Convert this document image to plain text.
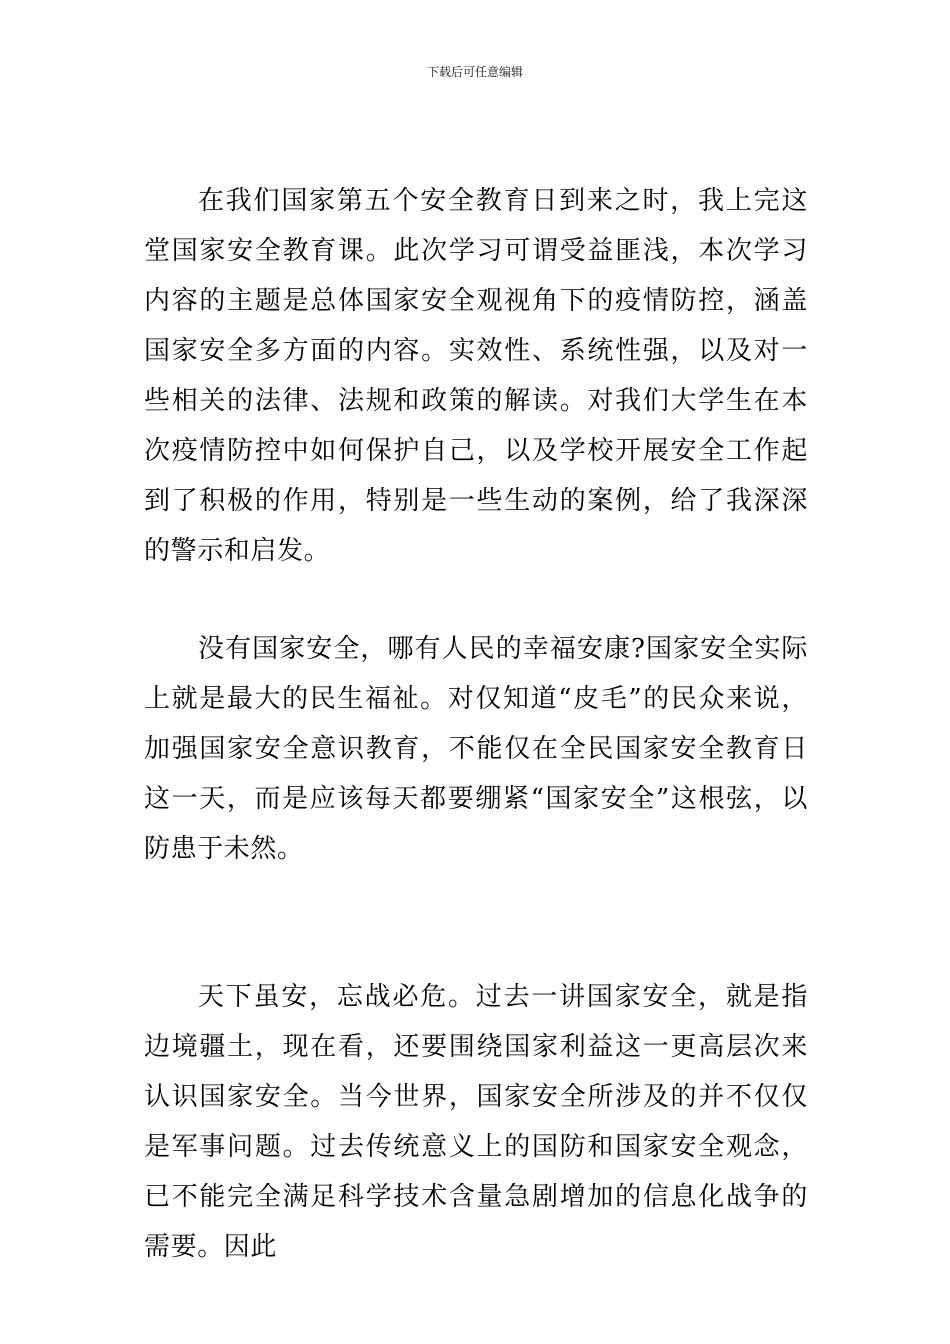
下载后可任意编辑

在我们国家第五个安全教育日到来之时，我上完这堂国家安全教育课。此次学习可谓受益匪浅，本次学习内容的主题是总体国家安全观视角下的疫情防控，涵盖国家安全多方面的内容。实效性、系统性强，以及对一些相关的法律、法规和政策的解读。对我们大学生在本次疫情防控中如何保护自己，以及学校开展安全工作起到了积极的作用，特别是一些生动的案例，给了我深深的警示和启发。

没有国家安全，哪有人民的幸福安康?国家安全实际上就是最大的民生福祉。对仅知道“皮毛”的民众来说，加强国家安全意识教育，不能仅在全民国家安全教育日这一天，而是应该每天都要绷紧“国家安全”这根弦，以防患于未然。

天下虽安，忘战必危。过去一讲国家安全，就是指边境疆土，现在看，还要围绕国家利益这一更高层次来认识国家安全。当今世界，国家安全所涉及的并不仅仅是军事问题。过去传统意义上的国防和国家安全观念，已不能完全满足科学技术含量急剧增加的信息化战争的需要。因此
